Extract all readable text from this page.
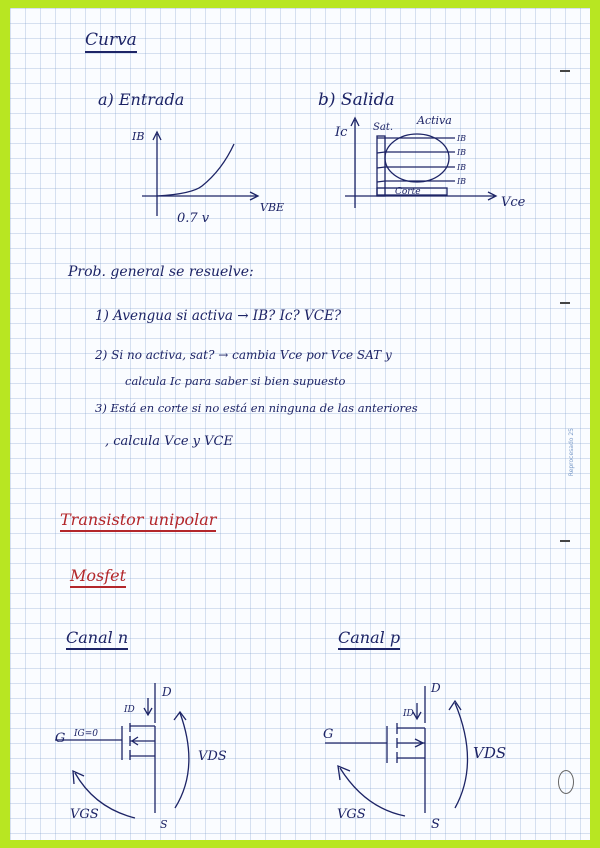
Curva
a) Entrada
IB
VBE
0.7 v
b) Salida
Ic	Sat.
Activa
Corte
IB
IB
IB
IB
Vce
Prob. general se resuelve:
1) Avengua si activa → IB? Ic? VCE?
2) Si no activa, sat? → cambia Vce por Vce SAT y
calcula Ic para saber si bien supuesto
3) Está en corte si no está en ninguna de las anteriores
, calcula Vce y VCE
Transistor unipolar
Mosfet
Canal n	Canal p
D
G
S
ID
IG=0
VDS
VGS
D
G
S
ID
VDS
VGS
Reprocesado 25
